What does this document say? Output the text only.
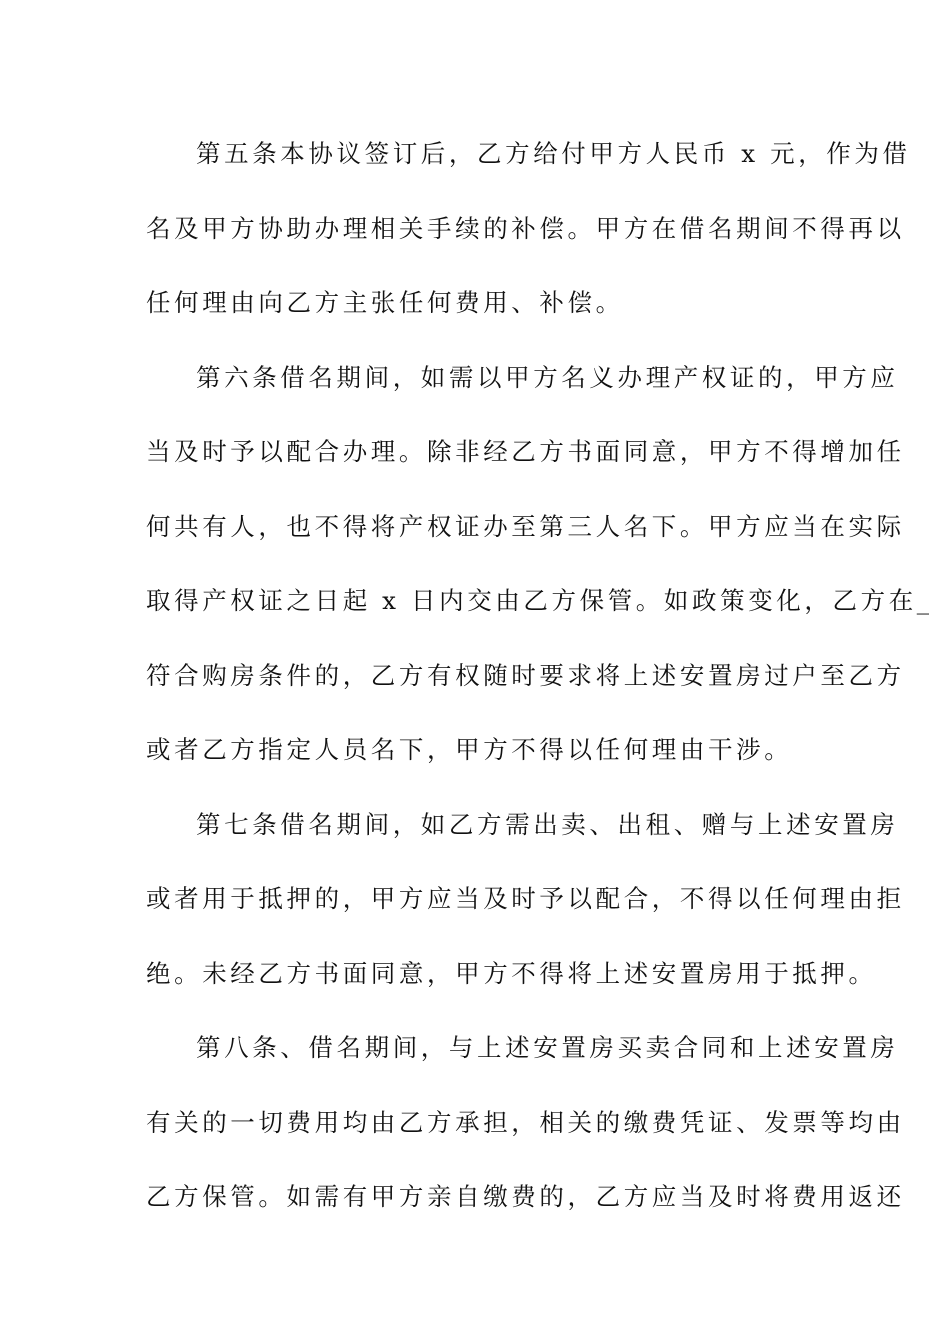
第五条本协议签订后，乙方给付甲方人民币 x 元，作为借
名及甲方协助办理相关手续的补偿。甲方在借名期间不得再以
任何理由向乙方主张任何费用、补偿。
第六条借名期间，如需以甲方名义办理产权证的，甲方应
当及时予以配合办理。除非经乙方书面同意，甲方不得增加任
何共有人，也不得将产权证办至第三人名下。甲方应当在实际
取得产权证之日起 x 日内交由乙方保管。如政策变化，乙方在_
符合购房条件的，乙方有权随时要求将上述安置房过户至乙方
或者乙方指定人员名下，甲方不得以任何理由干涉。
第七条借名期间，如乙方需出卖、出租、赠与上述安置房
或者用于抵押的，甲方应当及时予以配合，不得以任何理由拒
绝。未经乙方书面同意，甲方不得将上述安置房用于抵押。
第八条、借名期间，与上述安置房买卖合同和上述安置房
有关的一切费用均由乙方承担，相关的缴费凭证、发票等均由
乙方保管。如需有甲方亲自缴费的，乙方应当及时将费用返还
